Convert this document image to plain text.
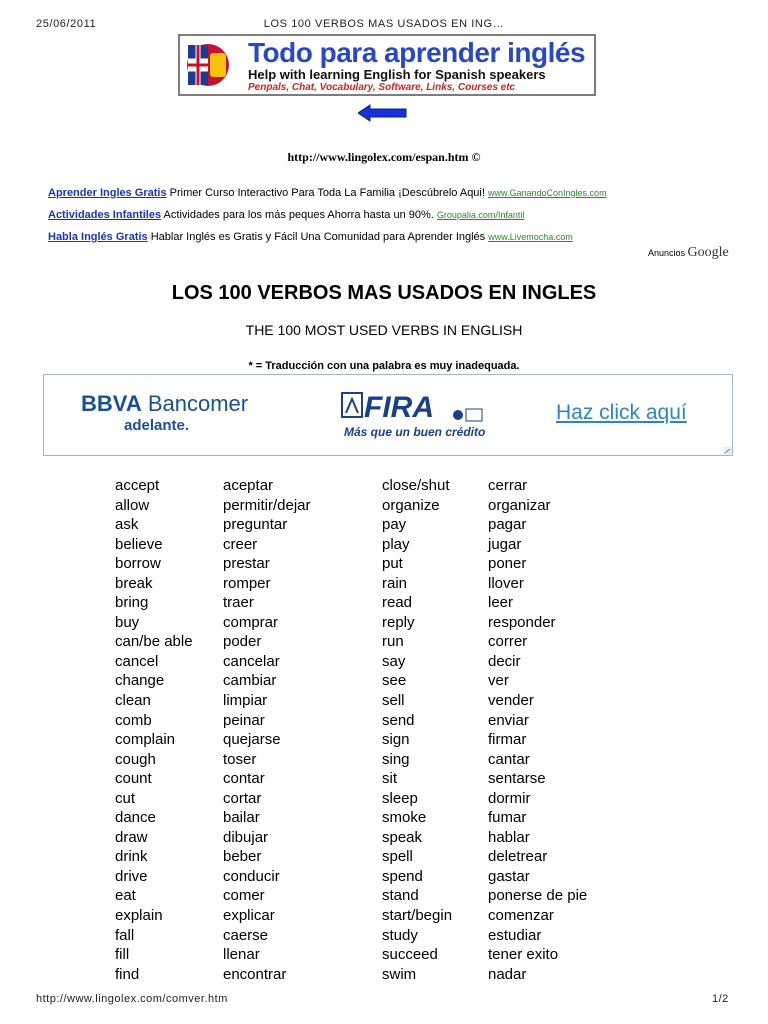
25/06/2011	LOS 100 VERBOS MAS USADOS EN ING…
Todo para aprender inglés
Help with learning English for Spanish speakers
Penpals, Chat, Vocabulary, Software, Links, Courses etc
http://www.lingolex.com/espan.htm ©
Aprender Ingles Gratis Primer Curso Interactivo Para Toda La Familia ¡Descúbrelo Aqui! www.GanandoConIngles.com
Actividades Infantiles Actividades para los más peques Ahorra hasta un 90%. Groupalia.com/Infantil
Habla Inglés Gratis Hablar Inglés es Gratis y Fácil Una Comunidad para Aprender Inglés www.Livemocha.com
Anuncios Google
LOS 100 VERBOS MAS USADOS EN INGLES
THE 100 MOST USED VERBS IN ENGLISH
* = Traducción con una palabra es muy inadequada.
BBVA Bancomer
adelante.
FIRA
Más que un buen crédito
Haz click aquí
accept
allow
ask
believe
borrow
break
bring
buy
can/be able
cancel
change
clean
comb
complain
cough
count
cut
dance
draw
drink
drive
eat
explain
fall
fill
find
aceptar
permitir/dejar
preguntar
creer
prestar
romper
traer
comprar
poder
cancelar
cambiar
limpiar
peinar
quejarse
toser
contar
cortar
bailar
dibujar
beber
conducir
comer
explicar
caerse
llenar
encontrar
close/shut
organize
pay
play
put
rain
read
reply
run
say
see
sell
send
sign
sing
sit
sleep
smoke
speak
spell
spend
stand
start/begin
study
succeed
swim
cerrar
organizar
pagar
jugar
poner
llover
leer
responder
correr
decir
ver
vender
enviar
firmar
cantar
sentarse
dormir
fumar
hablar
deletrear
gastar
ponerse de pie
comenzar
estudiar
tener exito
nadar
http://www.lingolex.com/comver.htm	1/2
